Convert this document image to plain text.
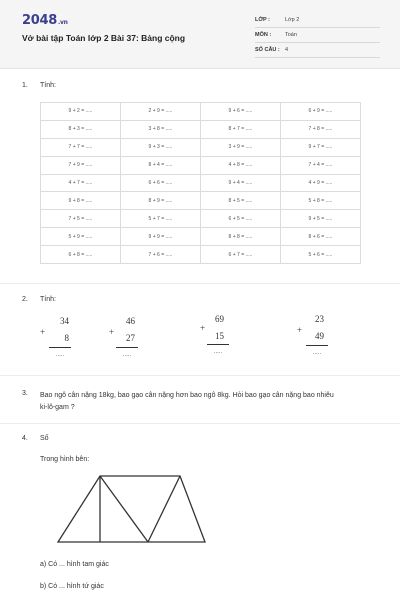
2048.vn
Vở bài tập Toán lớp 2 Bài 37: Bảng cộng
LỚP :	Lớp 2
MÔN :	Toán
SỐ CÂU : 4
1. Tính:
9 + 2 = .....	2 + 9 = .....	9 + 6 = .....	6 + 9 = .....
8 + 3 = .....	3 + 8 = .....	8 + 7 = .....	7 + 8 = .....
7 + 7 = .....	9 + 3 = .....	3 + 9 = .....	9 + 7 = .....
7 + 9 = .....	8 + 4 = .....	4 + 8 = .....	7 + 4 = .....
4 + 7 = .....	6 + 6 = .....	9 + 4 = .....	4 + 9 = .....
9 + 8 = .....	8 + 9 = .....	8 + 5 = .....	5 + 8 = .....
7 + 5 = .....	5 + 7 = .....	6 + 5 = .....	9 + 5 = .....
5 + 9 = .....	9 + 9 = .....	8 + 8 = .....	8 + 6 = .....
6 + 8 = .....	7 + 6 = .....	6 + 7 = .....	5 + 6 = .....
2. Tính:
+
34
8
.....
+
46
27
.....
+
69
15
.....
+
23
49
.....
3. Bao ngô cân nặng 18kg, bao gạo cân nặng hơn bao ngô 8kg. Hỏi bao gạo cân nặng bao nhiêu
ki-lô-gam ?
4. Số
Trong hình bên:
a) Có ... hình tam giác
b) Có ... hình tứ giác
